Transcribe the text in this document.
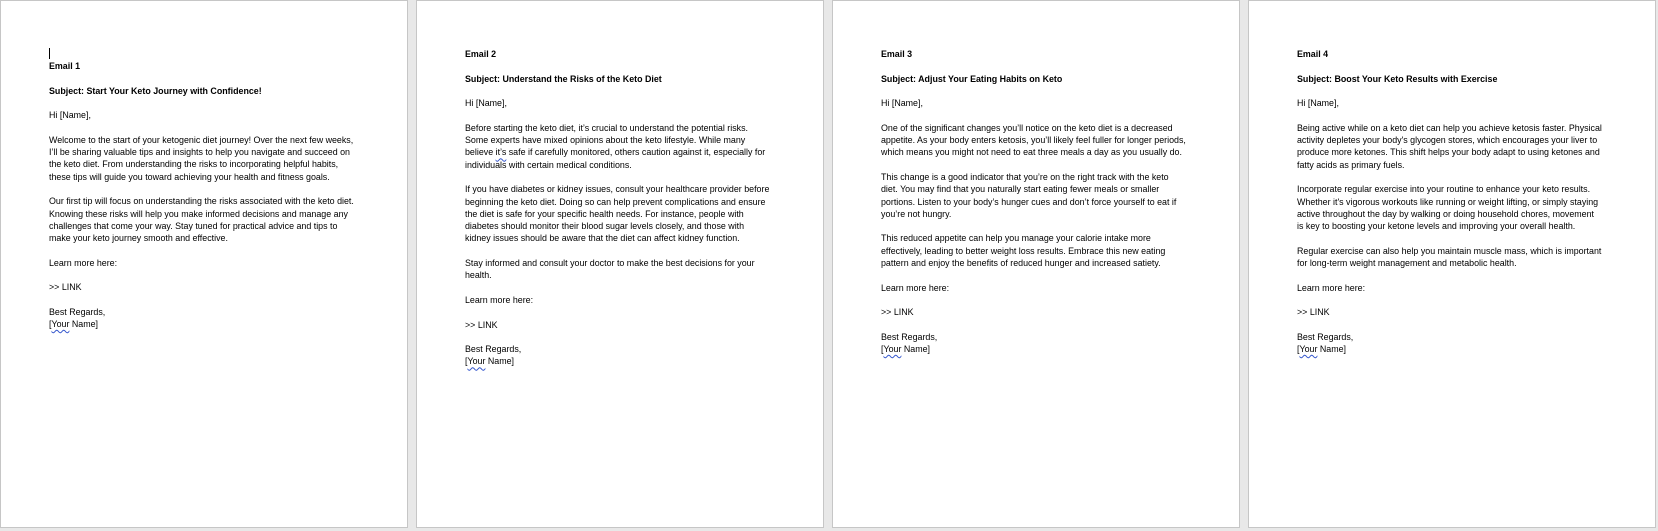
Email 1

Subject: Start Your Keto Journey with Confidence!

Hi [Name],

Welcome to the start of your ketogenic diet journey! Over the next few weeks, I’ll be sharing valuable tips and insights to help you navigate and succeed on the keto diet. From understanding the risks to incorporating helpful habits, these tips will guide you toward achieving your health and fitness goals.

Our first tip will focus on understanding the risks associated with the keto diet. Knowing these risks will help you make informed decisions and manage any challenges that come your way. Stay tuned for practical advice and tips to make your keto journey smooth and effective.

Learn more here:

>> LINK

Best Regards,

[Your Name]

Email 2

Subject: Understand the Risks of the Keto Diet

Hi [Name],

Before starting the keto diet, it’s crucial to understand the potential risks. Some experts have mixed opinions about the keto lifestyle. While many believe it’s safe if carefully monitored, others caution against it, especially for individuals with certain medical conditions.

If you have diabetes or kidney issues, consult your healthcare provider before beginning the keto diet. Doing so can help prevent complications and ensure the diet is safe for your specific health needs. For instance, people with diabetes should monitor their blood sugar levels closely, and those with kidney issues should be aware that the diet can affect kidney function.

Stay informed and consult your doctor to make the best decisions for your health.

Learn more here:

>> LINK

Best Regards,

[Your Name]

Email 3

Subject: Adjust Your Eating Habits on Keto

Hi [Name],

One of the significant changes you’ll notice on the keto diet is a decreased appetite. As your body enters ketosis, you’ll likely feel fuller for longer periods, which means you might not need to eat three meals a day as you usually do.

This change is a good indicator that you’re on the right track with the keto diet. You may find that you naturally start eating fewer meals or smaller portions. Listen to your body’s hunger cues and don’t force yourself to eat if you’re not hungry.

This reduced appetite can help you manage your calorie intake more effectively, leading to better weight loss results. Embrace this new eating pattern and enjoy the benefits of reduced hunger and increased satiety.

Learn more here:

>> LINK

Best Regards,

[Your Name]

Email 4

Subject: Boost Your Keto Results with Exercise

Hi [Name],

Being active while on a keto diet can help you achieve ketosis faster. Physical activity depletes your body's glycogen stores, which encourages your liver to produce more ketones. This shift helps your body adapt to using ketones and fatty acids as primary fuels.

Incorporate regular exercise into your routine to enhance your keto results. Whether it's vigorous workouts like running or weight lifting, or simply staying active throughout the day by walking or doing household chores, movement is key to boosting your ketone levels and improving your overall health.

Regular exercise can also help you maintain muscle mass, which is important for long-term weight management and metabolic health.

Learn more here:

>> LINK

Best Regards,

[Your Name]
